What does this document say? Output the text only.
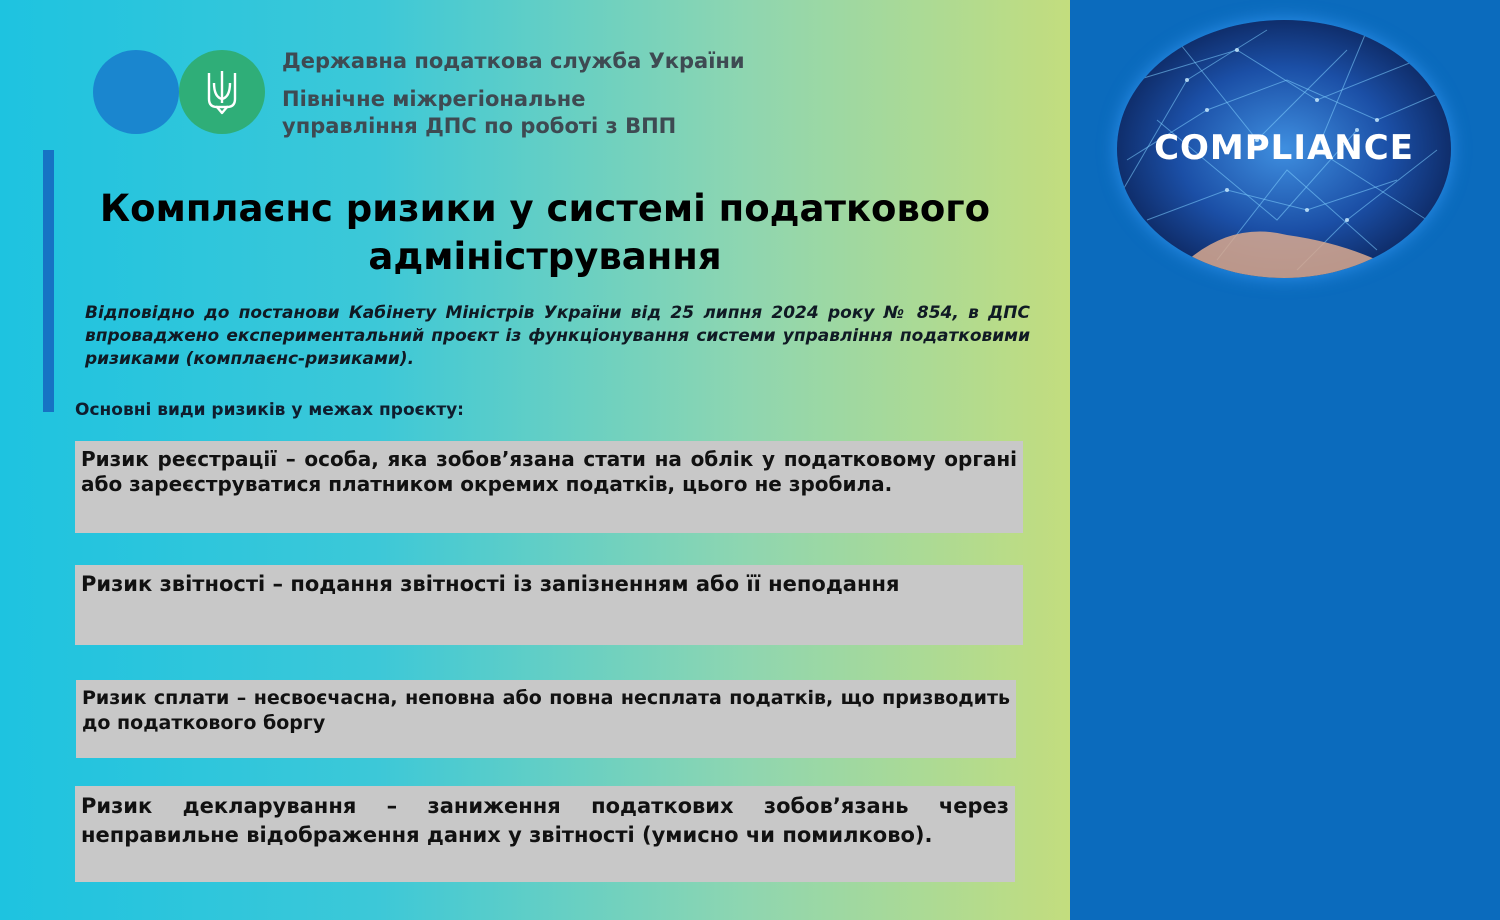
Державна податкова служба України

Північне міжрегіональне

управління ДПС по роботі з ВПП

Комплаєнс ризики у системі податкового адміністрування

Відповідно до постанови Кабінету Міністрів України від 25 липня 2024 року № 854, в ДПС впроваджено експериментальний проєкт із функціонування системи управління податковими ризиками (комплаєнс-ризиками).

Основні види ризиків у межах проєкту:

Ризик реєстрації – особа, яка зобов’язана стати на облік у податковому органі або зареєструватися платником окремих податків, цього не зробила.

Ризик звітності – подання звітності із запізненням або її неподання

Ризик сплати – несвоєчасна, неповна або повна несплата податків, що призводить до податкового боргу

Ризик декларування – заниження податкових зобов’язань через неправильне відображення даних у звітності (умисно чи помилково).

COMPLIANCE
